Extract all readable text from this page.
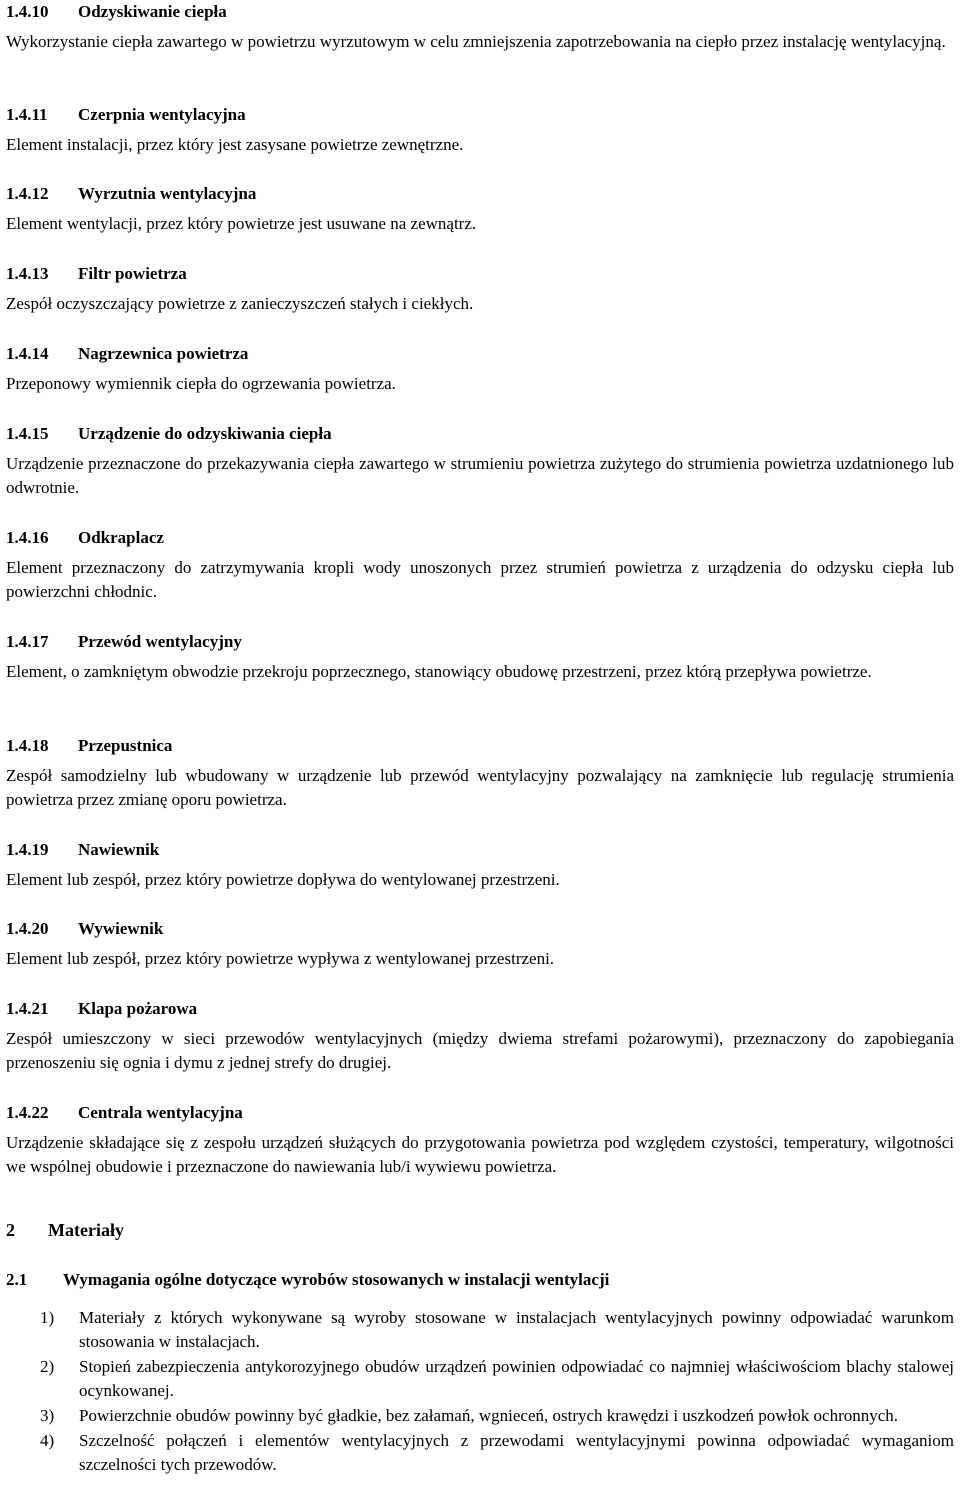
1.4.10 Odzyskiwanie ciepła
Wykorzystanie ciepła zawartego w powietrzu wyrzutowym w celu zmniejszenia zapotrzebowania na ciepło przez instalację wentylacyjną.
1.4.11 Czerpnia wentylacyjna
Element instalacji, przez który jest zasysane powietrze zewnętrzne.
1.4.12 Wyrzutnia wentylacyjna
Element wentylacji, przez który powietrze jest usuwane na zewnątrz.
1.4.13 Filtr powietrza
Zespół oczyszczający powietrze z zanieczyszczeń stałych i ciekłych.
1.4.14 Nagrzewnica powietrza
Przeponowy wymiennik ciepła do ogrzewania powietrza.
1.4.15 Urządzenie do odzyskiwania ciepła
Urządzenie przeznaczone do przekazywania ciepła zawartego w strumieniu powietrza zużytego do strumienia powietrza uzdatnionego lub odwrotnie.
1.4.16 Odkraplacz
Element przeznaczony do zatrzymywania kropli wody unoszonych przez strumień powietrza z urządzenia do odzysku ciepła lub powierzchni chłodnic.
1.4.17 Przewód wentylacyjny
Element, o zamkniętym obwodzie przekroju poprzecznego, stanowiący obudowę przestrzeni, przez którą przepływa powietrze.
1.4.18 Przepustnica
Zespół samodzielny lub wbudowany w urządzenie lub przewód wentylacyjny pozwalający na zamknięcie lub regulację strumienia powietrza przez zmianę oporu powietrza.
1.4.19 Nawiewnik
Element lub zespół, przez który powietrze dopływa do wentylowanej przestrzeni.
1.4.20 Wywiewnik
Element lub zespół, przez który powietrze wypływa z wentylowanej przestrzeni.
1.4.21 Klapa pożarowa
Zespół umieszczony w sieci przewodów wentylacyjnych (między dwiema strefami pożarowymi), przeznaczony do zapobiegania przenoszeniu się ognia i dymu z jednej strefy do drugiej.
1.4.22 Centrala wentylacyjna
Urządzenie składające się z zespołu urządzeń służących do przygotowania powietrza pod względem czystości, temperatury, wilgotności we wspólnej obudowie i przeznaczone do nawiewania lub/i wywiewu powietrza.
2 Materiały
2.1 Wymagania ogólne dotyczące wyrobów stosowanych w instalacji wentylacji
1) Materiały z których wykonywane są wyroby stosowane w instalacjach wentylacyjnych powinny odpowiadać warunkom stosowania w instalacjach.
2) Stopień zabezpieczenia antykorozyjnego obudów urządzeń powinien odpowiadać co najmniej właściwościom blachy stalowej ocynkowanej.
3) Powierzchnie obudów powinny być gładkie, bez załamań, wgnieceń, ostrych krawędzi i uszkodzeń powłok ochronnych.
4) Szczelność połączeń i elementów wentylacyjnych z przewodami wentylacyjnymi powinna odpowiadać wymaganiom szczelności tych przewodów.
